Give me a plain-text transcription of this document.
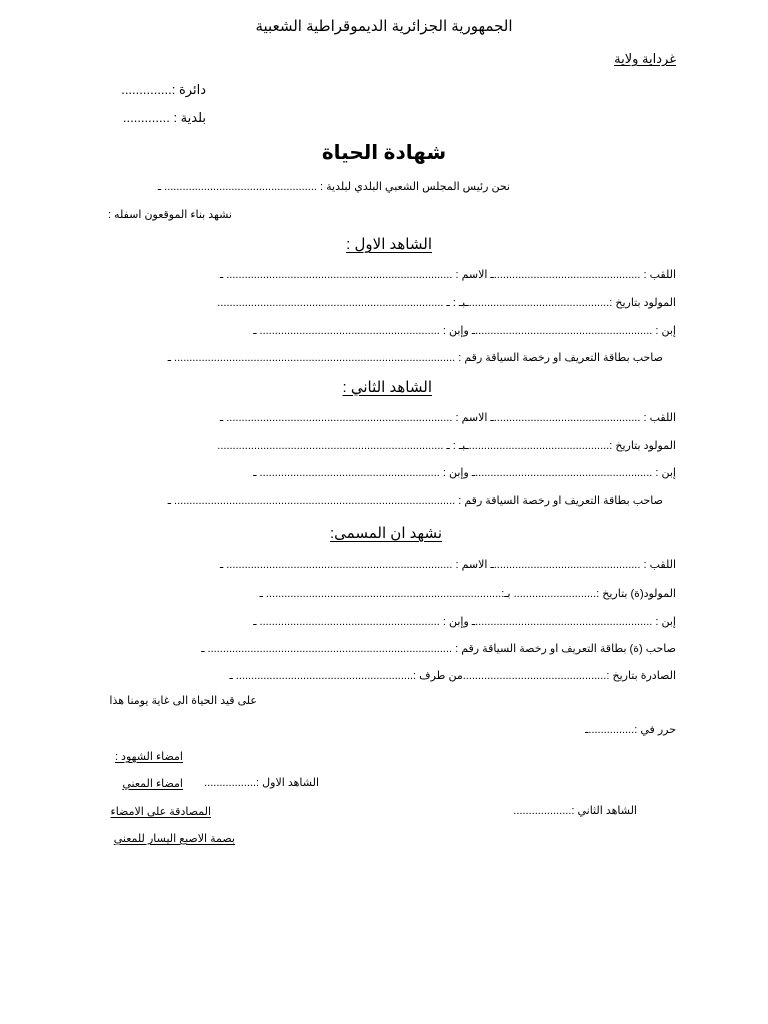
الجمهورية الجزائرية الديموقراطية الشعبية
غرداية ولاية
دائرة :..............
بلدية : .............
شهادة الحياة
نحن رئيس المجلس الشعبي البلدي لبلدية : .................................................. ـ
نشهد بناء الموقعون اسفله :
الشاهد الاول :
اللقب : ................................................ـ الاسم : .......................................................................... ـ
المولود بتاريخ :..............................................ـبـ : ـ ..........................................................................
إبن : ..........................................................ـ وإبن : ........................................................... ـ
صاحب بطاقة التعريف او رخصة السياقة رقم : ............................................................................................ ـ
الشاهد الثاني :
اللقب : ................................................ـ الاسم : .......................................................................... ـ
المولود بتاريخ :..............................................ـبـ : ـ ..........................................................................
إبن : ..........................................................ـ وإبن : ........................................................... ـ
صاحب بطاقة التعريف او رخصة السياقة رقم : ............................................................................................ ـ
نشهد ان المسمى:
اللقب : ................................................ـ الاسم : .......................................................................... ـ
المولود(ة) بتاريخ :........................... بـ:............................................................................. ـ
إبن : ..........................................................ـ وإبن : ........................................................... ـ
صاحب (ة) بطاقة التعريف او رخصة السياقة رقم : ................................................................................ ـ
الصادرة بتاريخ :...............................................من طرف :.......................................................... ـ
على قيد الحياة الى غاية يومنا هذا
حرر في :...............ـ
امضاء الشهود :
الشاهد الاول :.................
امضاء المعني
الشاهد الثاني :...................
المصادقة على الامضاء
بصمة الاصبع اليسار للمعني
